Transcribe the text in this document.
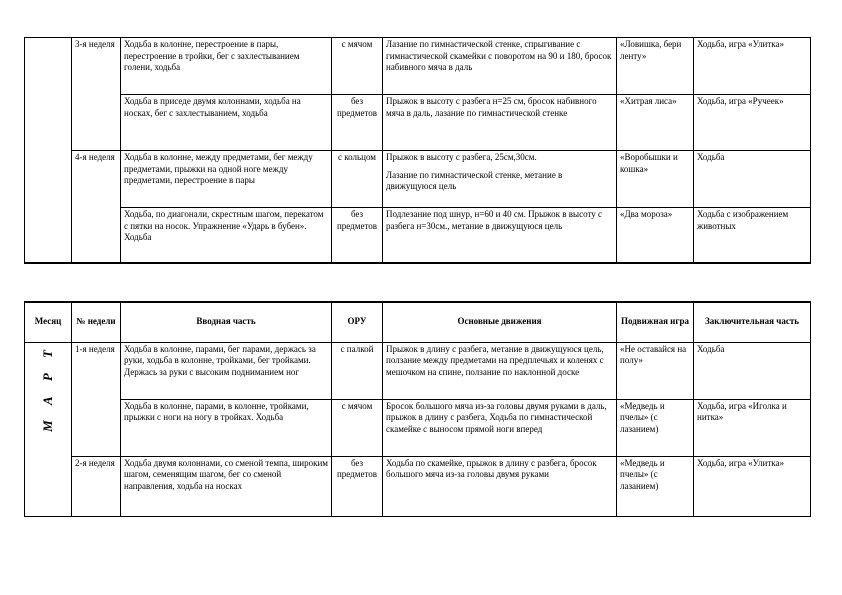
	3-я неделя	Ходьба в колонне, перестроение в пары, перестроение в тройки, бег с захлестыванием голени, ходьба	с мячом	Лазание по гимнастической стенке, спрыгивание с гимнастической скамейки с поворотом на 90 и 180, бросок набивного мяча в даль	«Ловишка, бери ленту»	Ходьба, игра «Улитка»
		Ходьба в приседе двумя колоннами, ходьба на носках, бег с захлестыванием, ходьба	без предметов	Прыжок в высоту с разбега н=25 см, бросок набивного мяча в даль, лазание по гимнастической стенке	«Хитрая лиса»	Ходьба, игра «Ручеек»
	4-я неделя	Ходьба в колонне, между предметами, бег между предметами, прыжки на одной ноге между предметами, перестроение в пары	с кольцом	Прыжок в высоту с разбега, 25см,30см.
Лазание по гимнастической стенке, метание в движущуюся цель	«Воробышки и кошка»	Ходьба
		Ходьба, по диагонали, скрестным шагом, перекатом с пятки на носок. Упражнение «Ударь в бубен». Ходьба	без предметов	Подлезание под шнур, н=60 и 40 см. Прыжок в высоту с разбега н=30см., метание в движущуюся цель	«Два мороза»	Ходьба с изображением животных
Месяц	№ недели	Вводная часть	ОРУ	Основные движения	Подвижная игра	Заключительная часть
М А Р Т	1-я неделя	Ходьба в колонне, парами, бег парами, держась за руки, ходьба в колонне, тройками, бег тройками. Держась за руки с высоким подниманием ног	с палкой	Прыжок в длину с разбега, метание в движущуюся цель, ползание между предметами на предплечьях и коленях с мешочком на спине, ползание по наклонной доске	«Не оставайся на полу»	Ходьба
		Ходьба в колонне, парами, в колонне, тройками, прыжки с ноги на ногу в тройках. Ходьба	с мячом	Бросок большого мяча из-за головы двумя руками в даль, прыжок в длину с разбега, Ходьба по гимнастической скамейке с выносом прямой ноги вперед	«Медведь и пчелы» (с лазанием)	Ходьба, игра «Иголка и нитка»
	2-я неделя	Ходьба двумя колоннами, со сменой темпа, широким шагом, семенящим шагом, бег со сменой направления, ходьба на носках	без предметов	Ходьба по скамейке, прыжок в длину с разбега, бросок большого мяча из-за головы двумя руками	«Медведь и пчелы» (с лазанием)	Ходьба, игра «Улитка»
